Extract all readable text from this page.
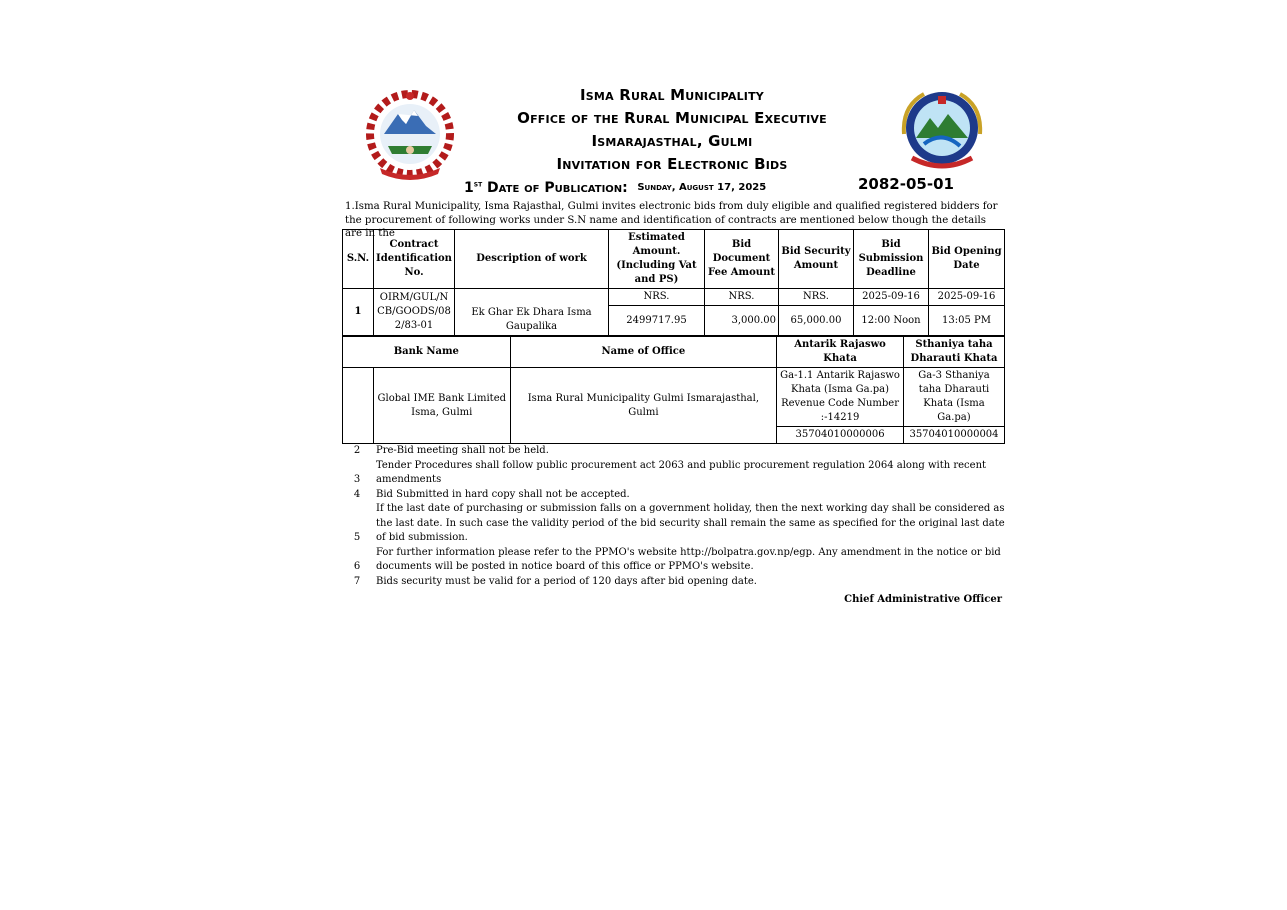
Isma Rural Municipality
Office of the Rural Municipal Executive
Ismarajasthal, Gulmi
Invitation for Electronic Bids
1st Date of Publication: Sunday, August 17, 2025	2082-05-01
1.Isma Rural Municipality, Isma Rajasthal, Gulmi invites electronic bids from duly eligible and qualified registered bidders for the procurement of following works under S.N name and identification of contracts are mentioned below though the details are in the
S.N.	Contract Identification No.	Description of work	Estimated Amount.(Including Vat and PS)	Bid Document Fee Amount	Bid Security Amount	Bid Submission Deadline	Bid Opening Date
1	OIRM/GUL/NCB/GOODS/082/83-01	Ek Ghar Ek Dhara Isma Gaupalika	NRS.	NRS.	NRS.	2025-09-16	2025-09-16
			2499717.95	3,000.00	65,000.00	12:00 Noon	13:05 PM
Bank Name		Name of Office	Antarik Rajaswo Khata	Sthaniya taha Dharauti Khata
	Global IME Bank Limited Isma, Gulmi	Isma Rural Municipality Gulmi Ismarajasthal, Gulmi	Ga-1.1 Antarik Rajaswo Khata (Isma Ga.pa) Revenue Code Number :-14219	Ga-3 Sthaniya taha Dharauti Khata (Isma Ga.pa)
			35704010000006	35704010000004
2	Pre-Bid meeting shall not be held.
3
Tender Procedures shall follow public procurement act 2063 and public procurement regulation 2064 along with recent amendments
4	Bid Submitted in hard copy shall not be accepted.
5
If the last date of purchasing or submission falls on a government holiday, then the next working day shall be considered as the last date. In such case the validity period of the bid security shall remain the same as specified for the original last date of bid submission.
6
For further information please refer to the PPMO's website http://bolpatra.gov.np/egp. Any amendment in the notice or bid documents will be posted in notice board of this office or PPMO's website.
7	Bids security must be valid for a period of 120 days after bid opening date.
Chief Administrative Officer
